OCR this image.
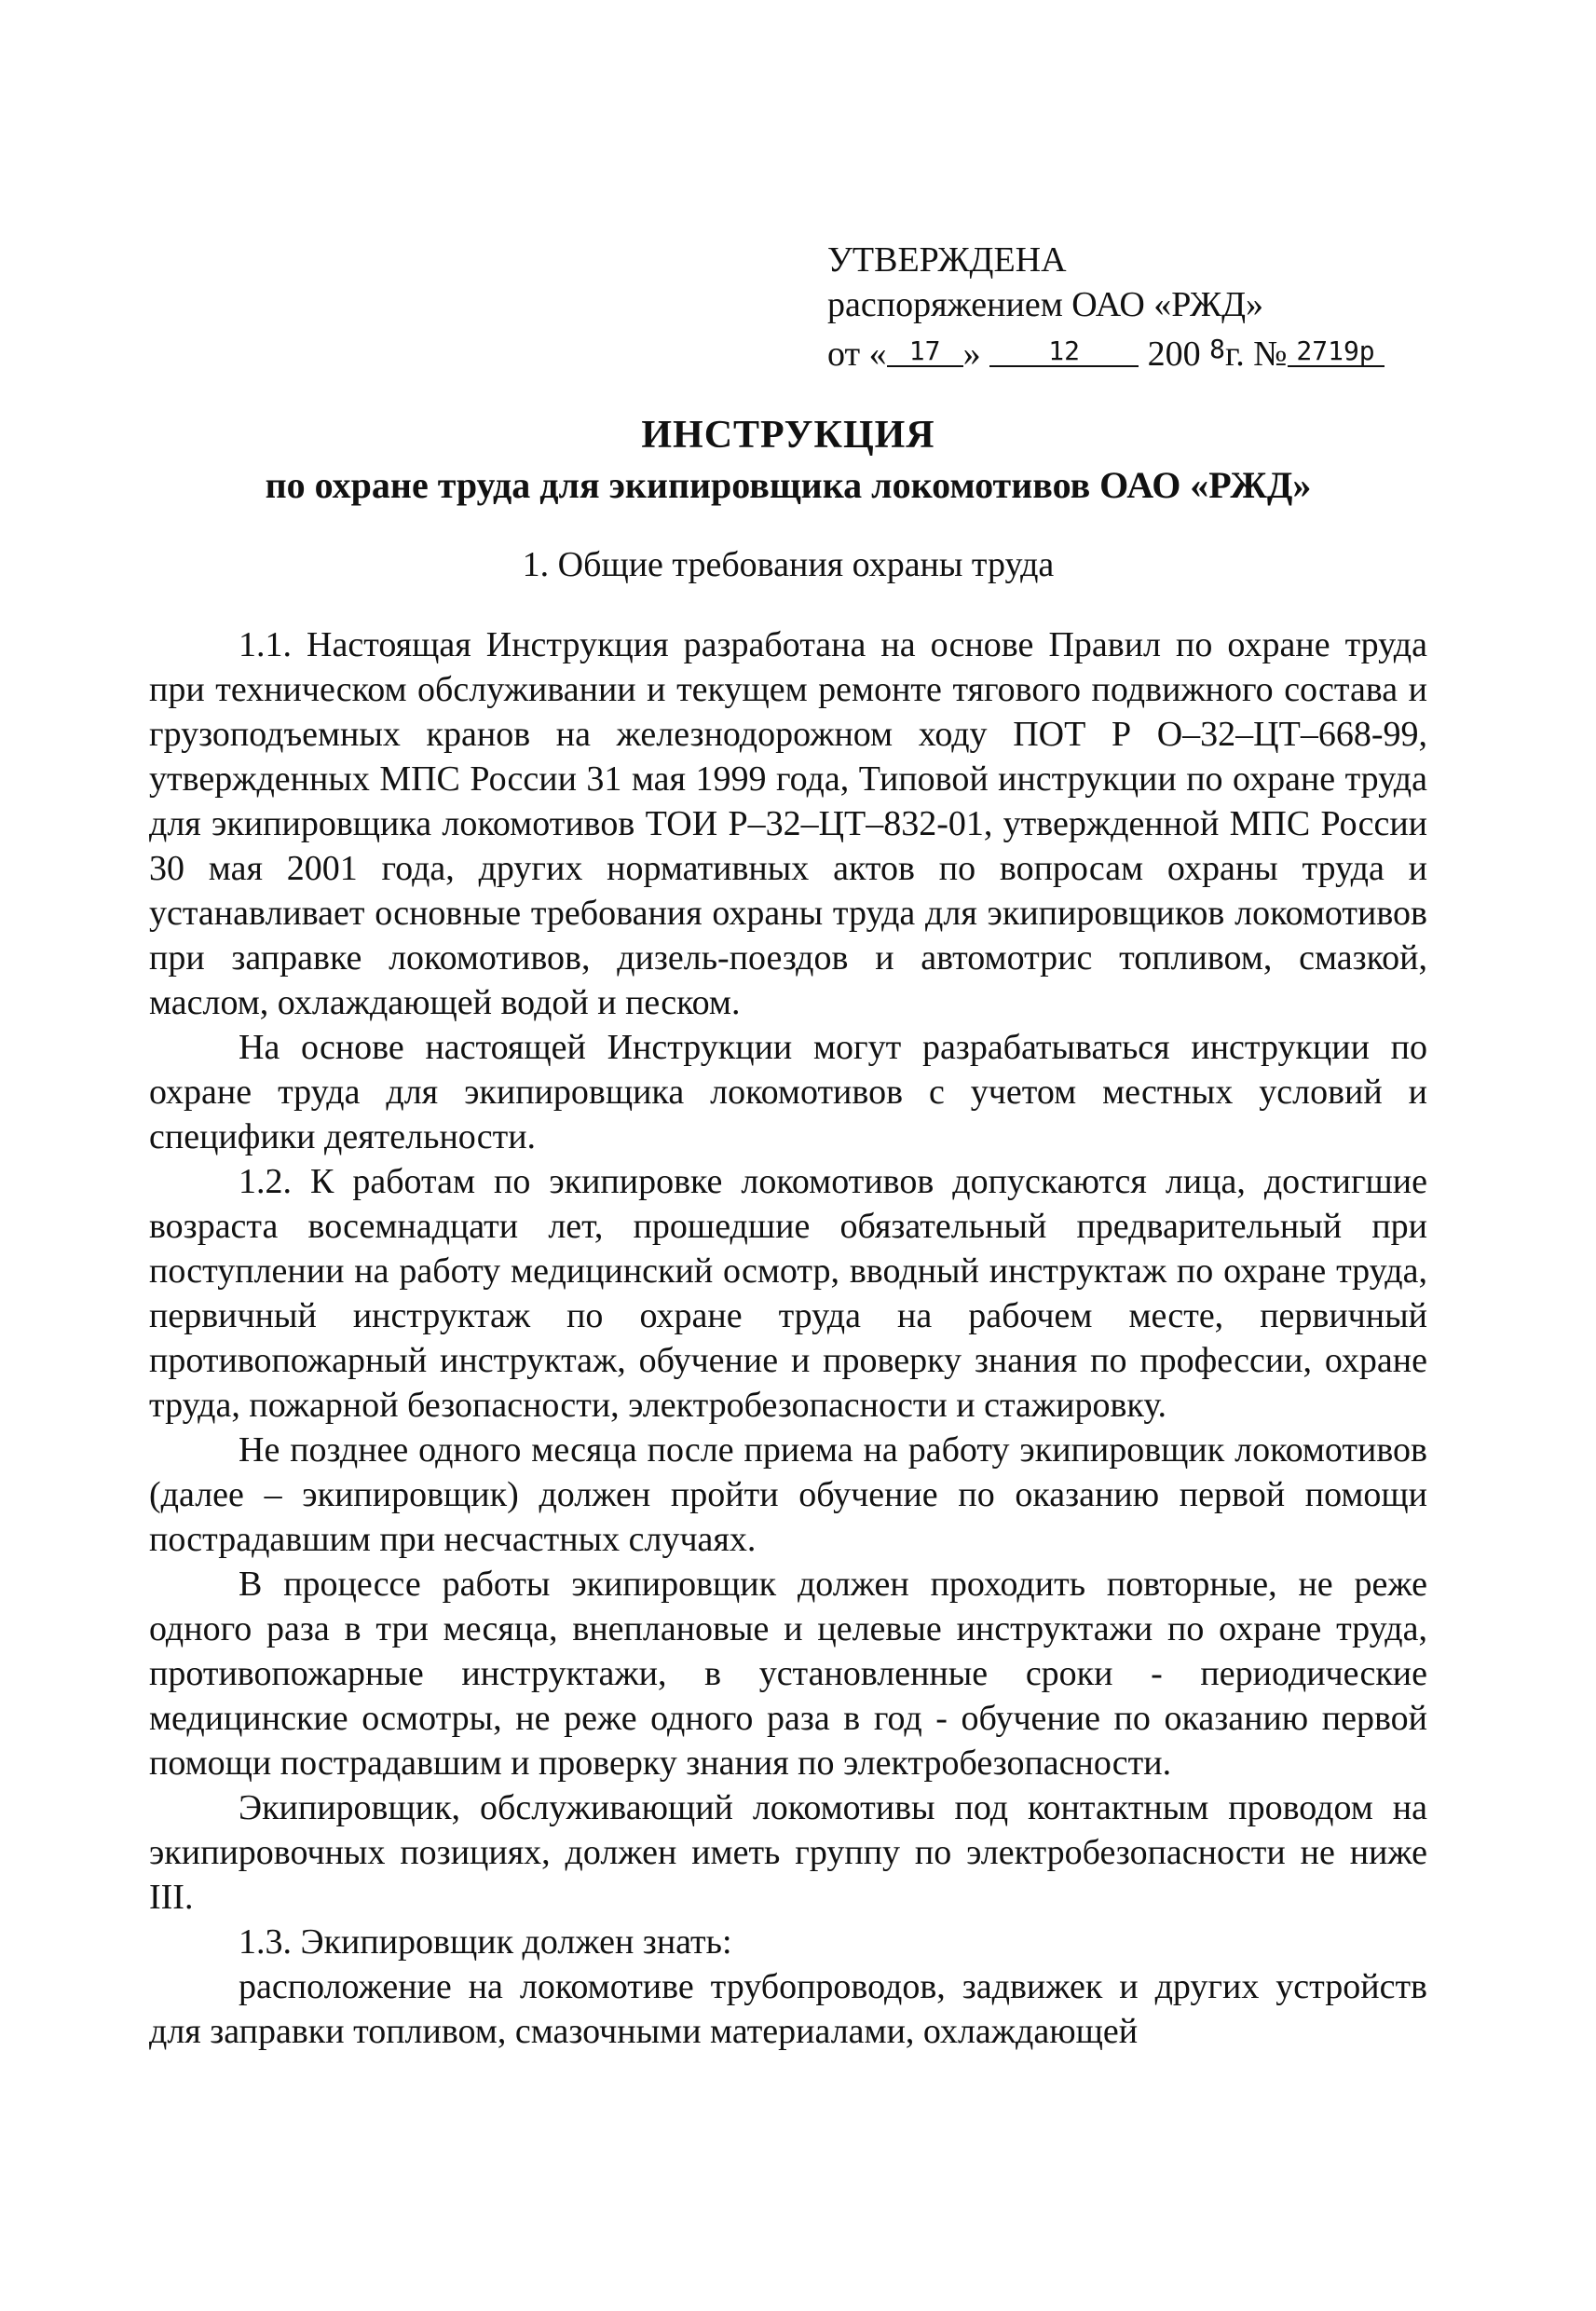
УТВЕРЖДЕНА
распоряжением ОАО «РЖД»
от « 17 »	12 200 $^8$г. № 2719р
ИНСТРУКЦИЯ
по охране труда для экипировщика локомотивов ОАО «РЖД»
1. Общие требования охраны труда

1.1. Настоящая Инструкция разработана на основе Правил по охране труда при техническом обслуживании и текущем ремонте тягового подвижного состава и грузоподъемных кранов на железнодорожном ходу ПОТ Р О–32–ЦТ–668-99, утвержденных МПС России 31 мая 1999 года, Типовой инструкции по охране труда для экипировщика локомотивов ТОИ Р–32–ЦТ–832-01, утвержденной МПС России 30 мая 2001 года, других нормативных актов по вопросам охраны труда и устанавливает основные требования охраны труда для экипировщиков локомотивов при заправке локомотивов, дизель-поездов и автомотрис топливом, смазкой, маслом, охлаждающей водой и песком.

На основе настоящей Инструкции могут разрабатываться инструкции по охране труда для экипировщика локомотивов с учетом местных условий и специфики деятельности.

1.2. К работам по экипировке локомотивов допускаются лица, достигшие возраста восемнадцати лет, прошедшие обязательный предварительный при поступлении на работу медицинский осмотр, вводный инструктаж по охране труда, первичный инструктаж по охране труда на рабочем месте, первичный противопожарный инструктаж, обучение и проверку знания по профессии, охране труда, пожарной безопасности, электробезопасности и стажировку.

Не позднее одного месяца после приема на работу экипировщик локомотивов (далее – экипировщик) должен пройти обучение по оказанию первой помощи пострадавшим при несчастных случаях.

В процессе работы экипировщик должен проходить повторные, не реже одного раза в три месяца, внеплановые и целевые инструктажи по охране труда, противопожарные инструктажи, в установленные сроки - периодические медицинские осмотры, не реже одного раза в год - обучение по оказанию первой помощи пострадавшим и проверку знания по электробезопасности.

Экипировщик, обслуживающий локомотивы под контактным проводом на экипировочных позициях, должен иметь группу по электробезопасности не ниже III.

1.3. Экипировщик должен знать:

расположение на локомотиве трубопроводов, задвижек и других устройств для заправки топливом, смазочными материалами, охлаждающей
